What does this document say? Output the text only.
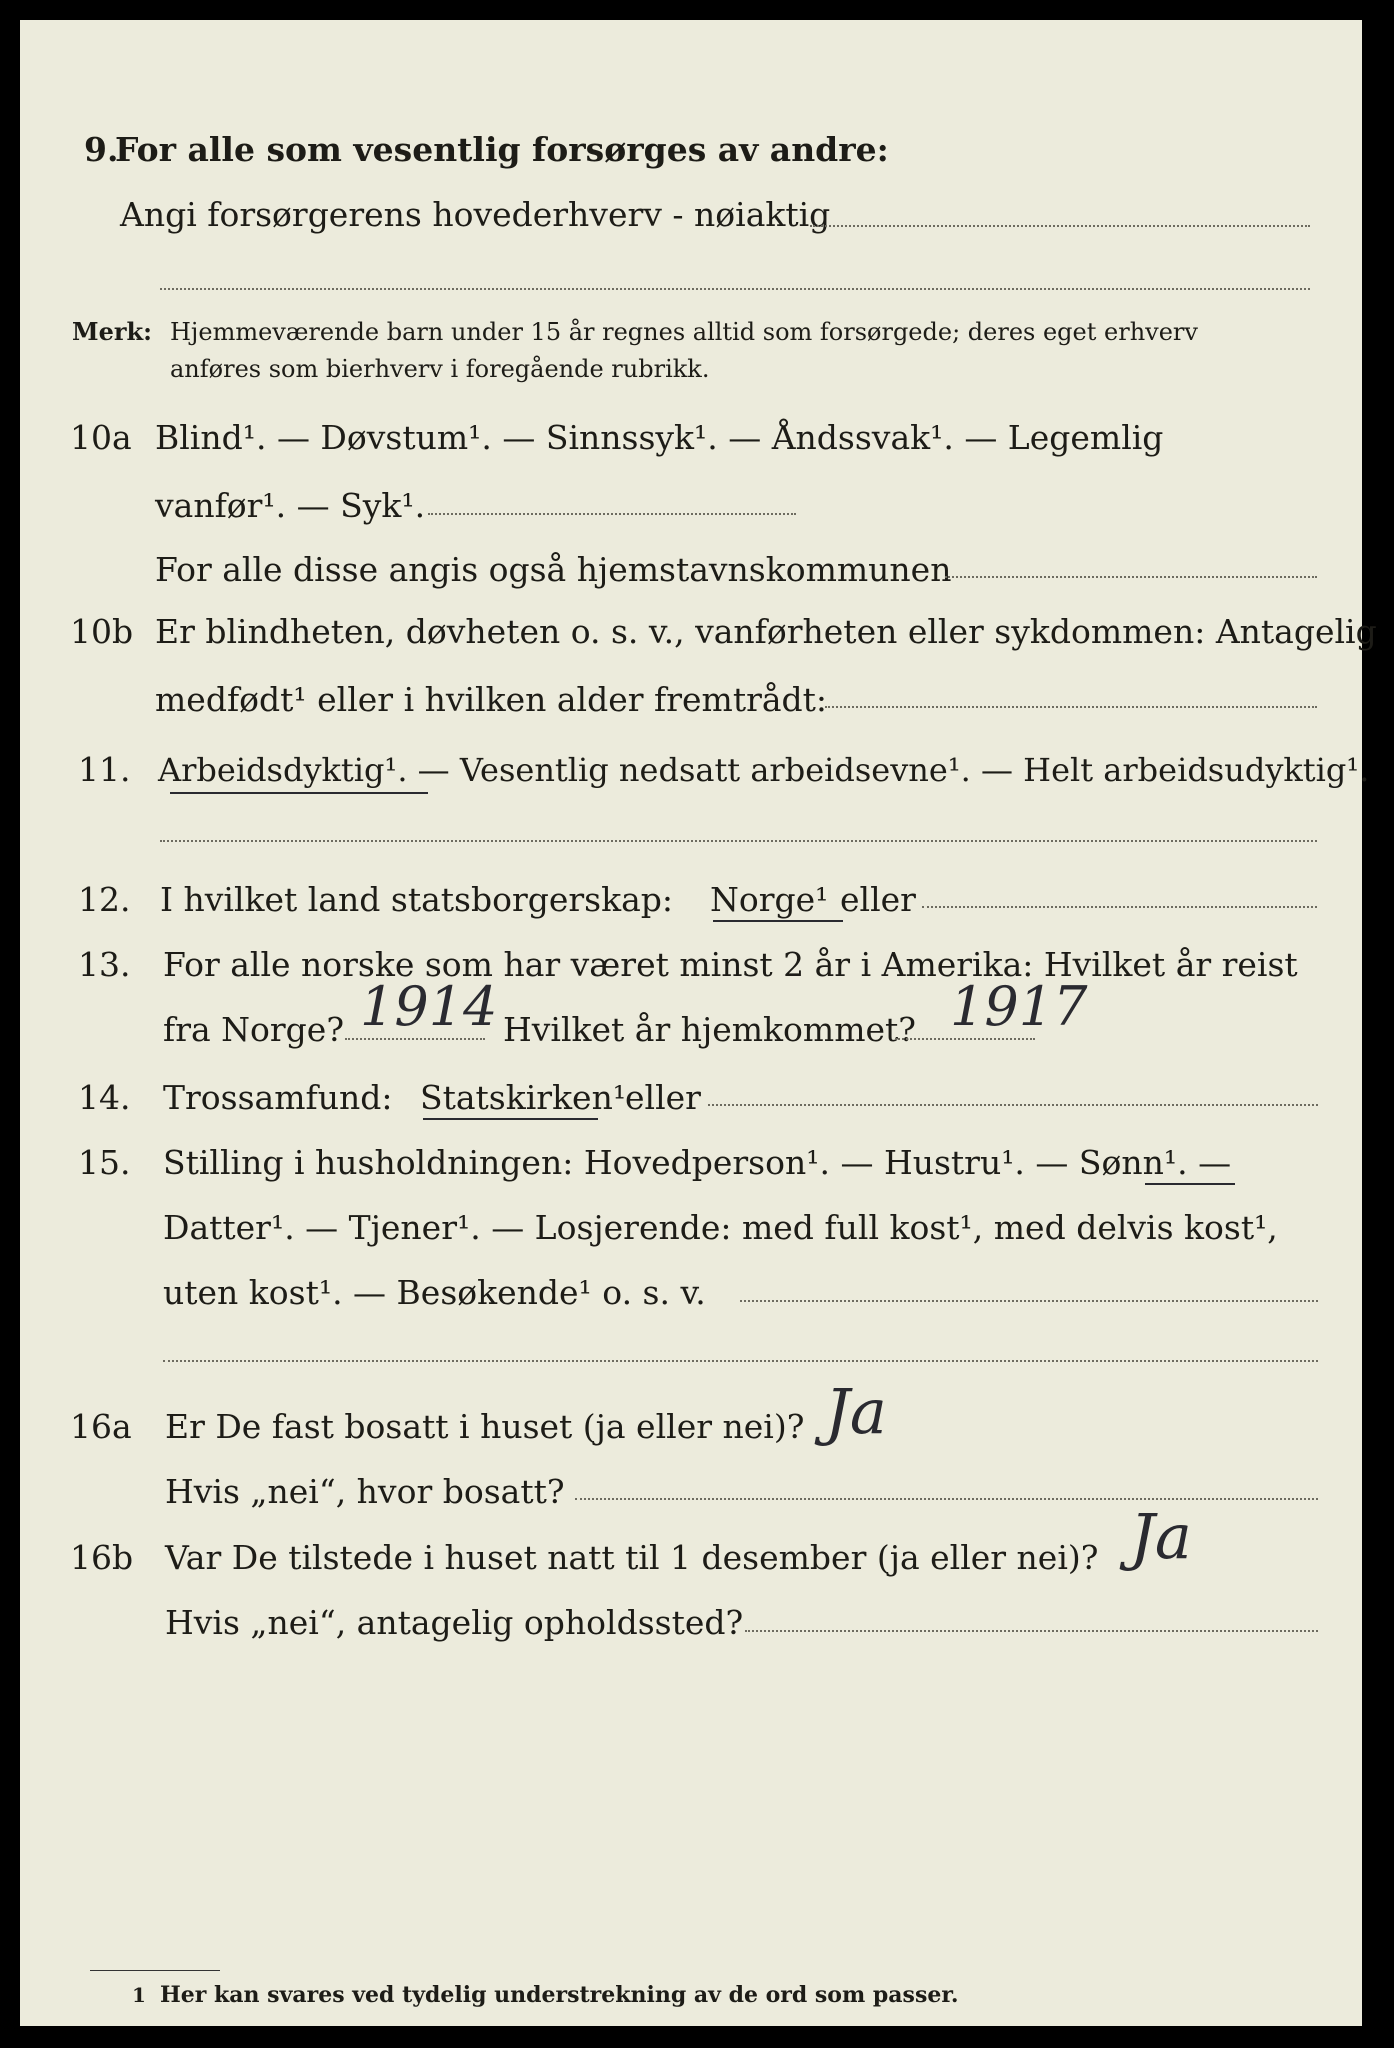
9.
For alle som vesentlig forsørges av andre:
Angi forsørgerens hovederhverv - nøiaktig
Merk: Hjemmeværende barn under 15 år regnes alltid som forsørgede; deres eget erhverv
anføres som bierhverv i foregående rubrikk.
10a Blind¹. — Døvstum¹. — Sinnssyk¹. — Åndssvak¹. — Legemlig
vanfør¹. — Syk¹.
For alle disse angis også hjemstavnskommunen
10b Er blindheten, døvheten o. s. v., vanførheten eller sykdommen: Antagelig
medfødt¹ eller i hvilken alder fremtrådt:
11. Arbeidsdyktig¹. — Vesentlig nedsatt arbeidsevne¹. — Helt arbeidsudyktig¹.
12. I hvilket land statsborgerskap: Norge¹ eller
13. For alle norske som har været minst 2 år i Amerika: Hvilket år reist
fra Norge? 1914 Hvilket år hjemkommet? 1917
14. Trossamfund: Statskirken¹
eller
15. Stilling i husholdningen: Hovedperson¹. — Hustru¹. — Sønn¹. —
Datter¹. — Tjener¹. — Losjerende: med full kost¹, med delvis kost¹,
uten kost¹. — Besøkende¹ o. s. v.
16a Er De fast bosatt i huset (ja eller nei)? Ja
Hvis „nei“, hvor bosatt?
16b Var De tilstede i huset natt til 1 desember (ja eller nei)? Ja
Hvis „nei“, antagelig opholdssted?
1 Her kan svares ved tydelig understrekning av de ord som passer.
